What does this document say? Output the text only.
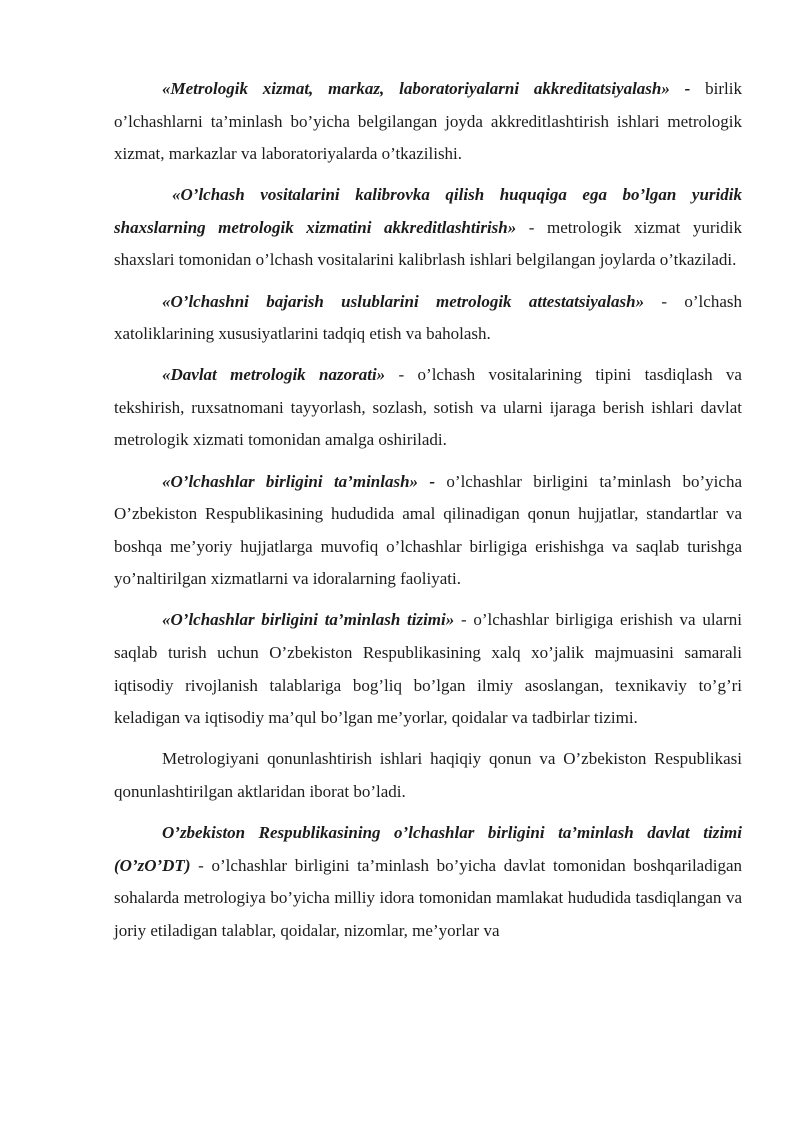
«Metrologik xizmat, markaz, laboratoriyalarni akkreditatsiyalash» - birlik o’lchashlarni ta’minlash bo’yicha belgilangan joyda akkreditlashtirish ishlari metrologik xizmat, markazlar va laboratoriyalarda o’tkazilishi.

«O’lchash vositalarini kalibrovka qilish huquqiga ega bo’lgan yuridik shaxslarning metrologik xizmatini akkreditlashtirish» - metrologik xizmat yuridik shaxslari tomonidan o’lchash vositalarini kalibrlash ishlari belgilangan joylarda o’tkaziladi.

«O’lchashni bajarish uslublarini metrologik attestatsiyalash» - o’lchash xatoliklarining xususiyatlarini tadqiq etish va baholash.

«Davlat metrologik nazorati» - o’lchash vositalarining tipini tasdiqlash va tekshirish, ruxsatnomani tayyorlash, sozlash, sotish va ularni ijaraga berish ishlari davlat metrologik xizmati tomonidan amalga oshiriladi.

«O’lchashlar birligini ta’minlash» - o’lchashlar birligini ta’minlash bo’yicha O’zbekiston Respublikasining hududida amal qilinadigan qonun hujjatlar, standartlar va boshqa me’yoriy hujjatlarga muvofiq o’lchashlar birligiga erishishga va saqlab turishga yo’naltirilgan xizmatlarni va idoralarning faoliyati.

«O’lchashlar birligini ta’minlash tizimi» - o’lchashlar birligiga erishish va ularni saqlab turish uchun O’zbekiston Respublikasining xalq xo’jalik majmuasini samarali iqtisodiy rivojlanish talablariga bog’liq bo’lgan ilmiy asoslangan, texnikaviy to’g’ri keladigan va iqtisodiy ma’qul bo’lgan me’yorlar, qoidalar va tadbirlar tizimi.

Metrologiyani qonunlashtirish ishlari haqiqiy qonun va O’zbekiston Respublikasi qonunlashtirilgan aktlaridan iborat bo’ladi.

O’zbekiston Respublikasining o’lchashlar birligini ta’minlash davlat tizimi (O’zO’DT) - o’lchashlar birligini ta’minlash bo’yicha davlat tomonidan boshqariladigan sohalarda metrologiya bo’yicha milliy idora tomonidan mamlakat hududida tasdiqlangan va joriy etiladigan talablar, qoidalar, nizomlar, me’yorlar va
